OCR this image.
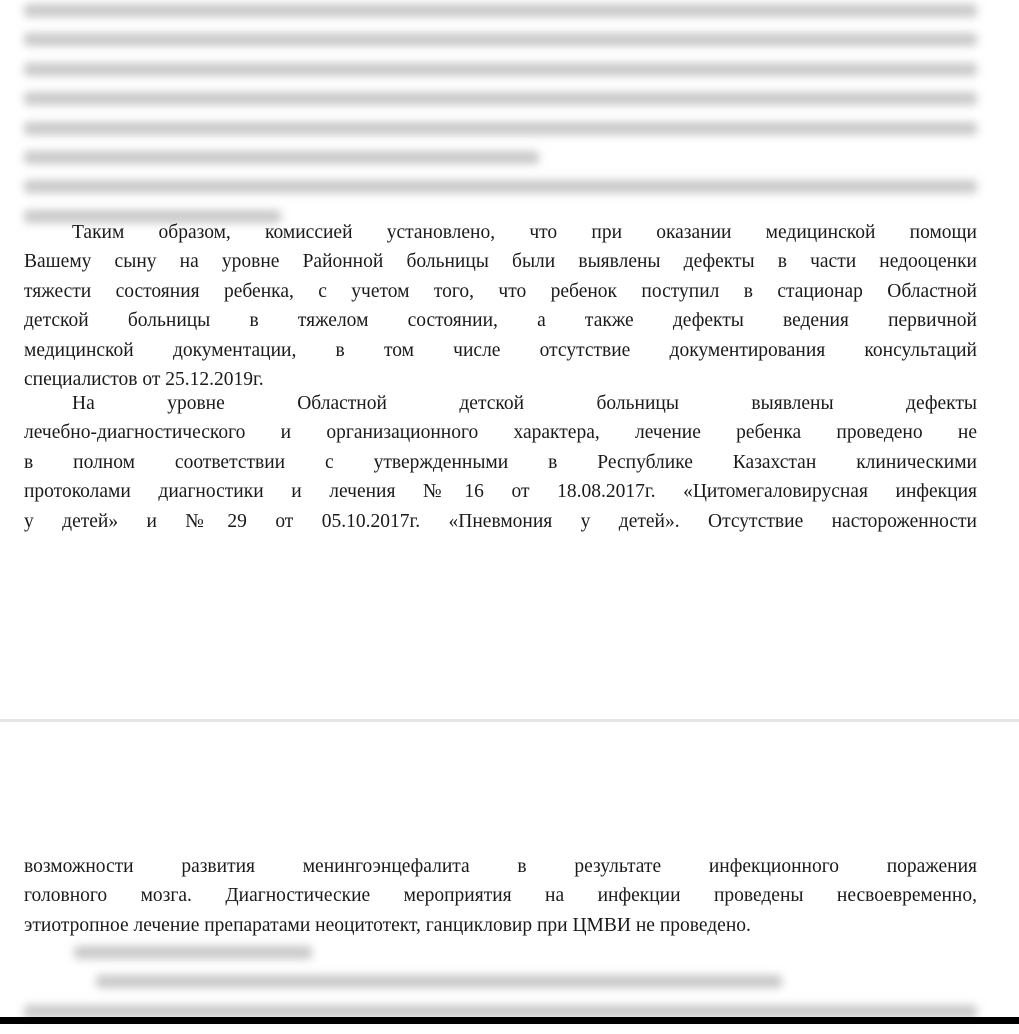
Таким образом, комиссией установлено, что при оказании медицинской помощи
Вашему сыну на уровне Районной больницы были выявлены дефекты в части недооценки
тяжести состояния ребенка, с учетом того, что ребенок поступил в стационар Областной
детской больницы в тяжелом состоянии, а также дефекты ведения первичной
медицинской документации, в том числе отсутствие документирования консультаций
специалистов от 25.12.2019г.
На уровне Областной детской больницы выявлены дефекты
лечебно-диагностического и организационного характера, лечение ребенка проведено не
в полном соответствии с утвержденными в Республике Казахстан клиническими
протоколами диагностики и лечения №16 от 18.08.2017г. «Цитомегаловирусная инфекция
у детей» и №29 от 05.10.2017г. «Пневмония у детей». Отсутствие настороженности
возможности развития менингоэнцефалита в результате инфекционного поражения
головного мозга. Диагностические мероприятия на инфекции проведены несвоевременно,
этиотропное лечение препаратами неоцитотект, ганцикловир при ЦМВИ не проведено.
